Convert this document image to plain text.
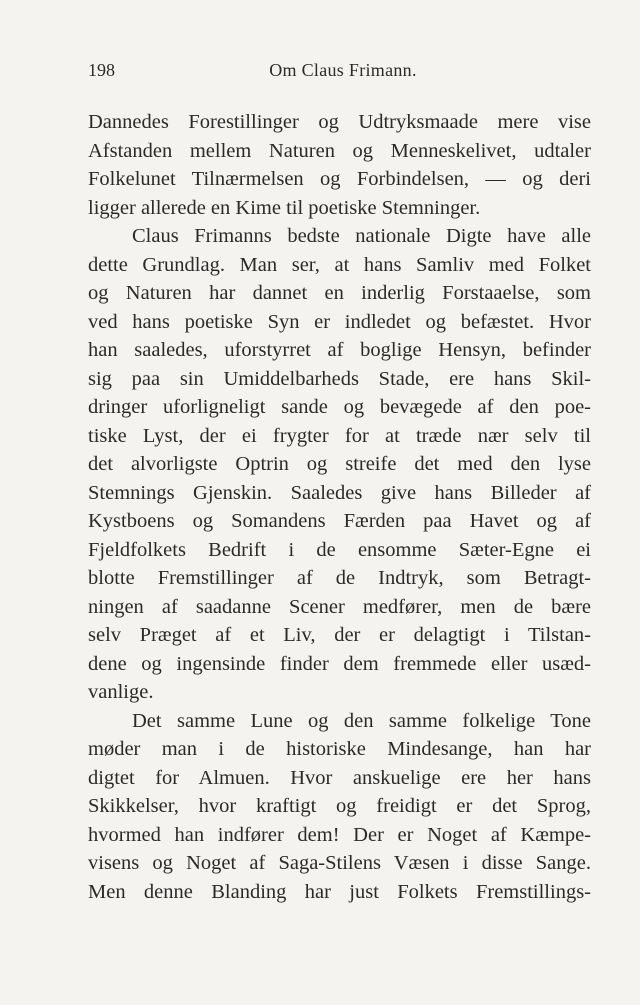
198	Om Claus Frimann.
Dannedes Forestillinger og Udtryksmaade mere vise
Afstanden mellem Naturen og Menneskelivet, udtaler
Folkelunet Tilnærmelsen og Forbindelsen, — og deri
ligger allerede en Kime til poetiske Stemninger.
Claus Frimanns bedste nationale Digte have alle
dette Grundlag. Man ser, at hans Samliv med Folket
og Naturen har dannet en inderlig Forstaaelse, som
ved hans poetiske Syn er indledet og befæstet. Hvor
han saaledes, uforstyrret af boglige Hensyn, befinder
sig paa sin Umiddelbarheds Stade, ere hans Skil-
dringer uforligneligt sande og bevægede af den poe-
tiske Lyst, der ei frygter for at træde nær selv til
det alvorligste Optrin og streife det med den lyse
Stemnings Gjenskin. Saaledes give hans Billeder af
Kystboens og Somandens Færden paa Havet og af
Fjeldfolkets Bedrift i de ensomme Sæter-Egne ei
blotte Fremstillinger af de Indtryk, som Betragt-
ningen af saadanne Scener medfører, men de bære
selv Præget af et Liv, der er delagtigt i Tilstan-
dene og ingensinde finder dem fremmede eller usæd-
vanlige.
Det samme Lune og den samme folkelige Tone
møder man i de historiske Mindesange, han har
digtet for Almuen. Hvor anskuelige ere her hans
Skikkelser, hvor kraftigt og freidigt er det Sprog,
hvormed han indfører dem! Der er Noget af Kæmpe-
visens og Noget af Saga-Stilens Væsen i disse Sange.
Men denne Blanding har just Folkets Fremstillings-
